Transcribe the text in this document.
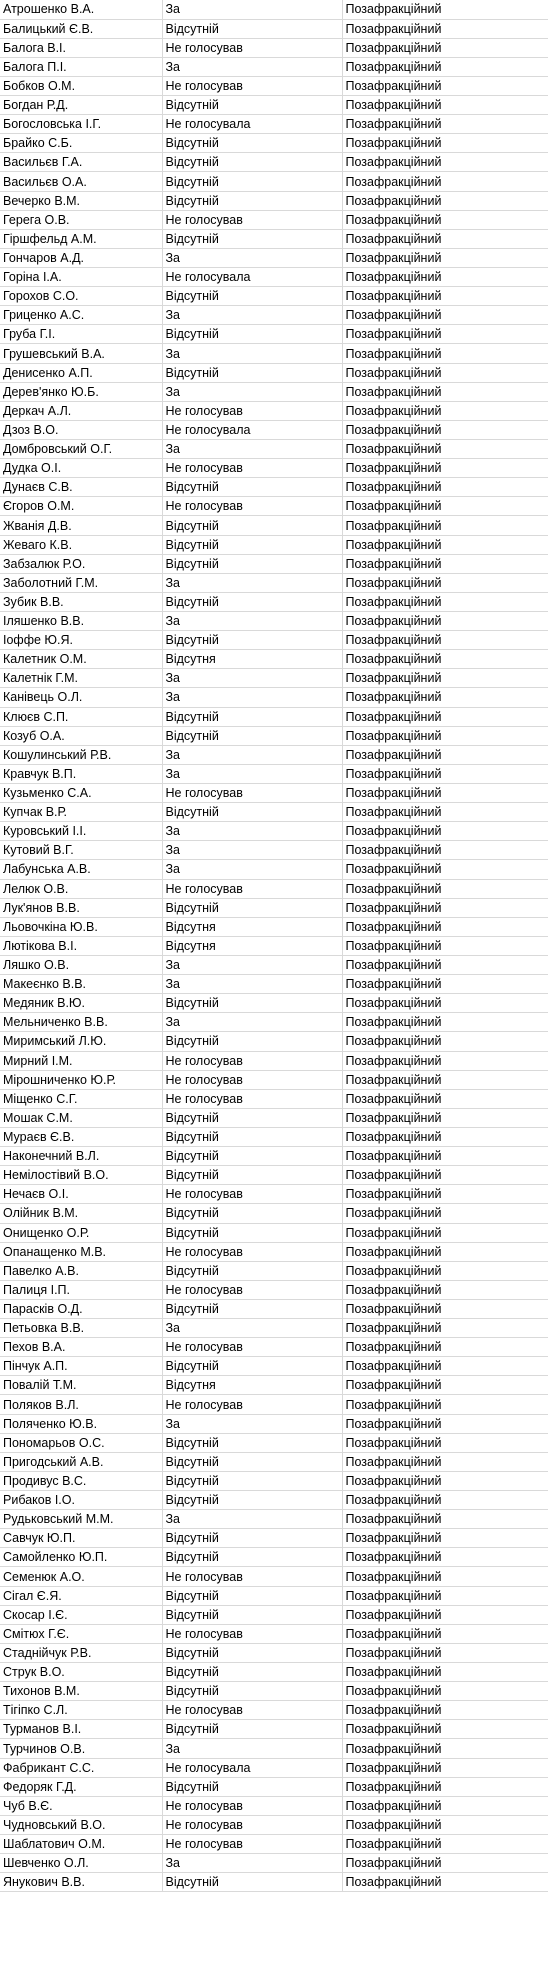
Атрошенко В.А.	За	Позафракційний
Балицький Є.В.	Відсутній	Позафракційний
Балога В.І.	Не голосував	Позафракційний
Балога П.І.	За	Позафракційний
Бобков О.М.	Не голосував	Позафракційний
Богдан Р.Д.	Відсутній	Позафракційний
Богословська І.Г.	Не голосувала	Позафракційний
Брайко С.Б.	Відсутній	Позафракційний
Васильєв Г.А.	Відсутній	Позафракційний
Васильєв О.А.	Відсутній	Позафракційний
Вечерко В.М.	Відсутній	Позафракційний
Герега О.В.	Не голосував	Позафракційний
Гіршфельд А.М.	Відсутній	Позафракційний
Гончаров А.Д.	За	Позафракційний
Горіна І.А.	Не голосувала	Позафракційний
Горохов С.О.	Відсутній	Позафракційний
Гриценко А.С.	За	Позафракційний
Груба Г.І.	Відсутній	Позафракційний
Грушевський В.А.	За	Позафракційний
Денисенко А.П.	Відсутній	Позафракційний
Дерев'янко Ю.Б.	За	Позафракційний
Деркач А.Л.	Не голосував	Позафракційний
Дзоз В.О.	Не голосувала	Позафракційний
Домбровський О.Г.	За	Позафракційний
Дудка О.І.	Не голосував	Позафракційний
Дунаєв С.В.	Відсутній	Позафракційний
Єгоров О.М.	Не голосував	Позафракційний
Жванія Д.В.	Відсутній	Позафракційний
Жеваго К.В.	Відсутній	Позафракційний
Забзалюк Р.О.	Відсутній	Позафракційний
Заболотний Г.М.	За	Позафракційний
Зубик В.В.	Відсутній	Позафракційний
Іляшенко В.В.	За	Позафракційний
Іоффе Ю.Я.	Відсутній	Позафракційний
Калетник О.М.	Відсутня	Позафракційний
Калетнік Г.М.	За	Позафракційний
Канівець О.Л.	За	Позафракційний
Клюєв С.П.	Відсутній	Позафракційний
Козуб О.А.	Відсутній	Позафракційний
Кошулинський Р.В.	За	Позафракційний
Кравчук В.П.	За	Позафракційний
Кузьменко С.А.	Не голосував	Позафракційний
Купчак В.Р.	Відсутній	Позафракційний
Куровський І.І.	За	Позафракційний
Кутовий В.Г.	За	Позафракційний
Лабунська А.В.	За	Позафракційний
Лелюк О.В.	Не голосував	Позафракційний
Лук'янов В.В.	Відсутній	Позафракційний
Льовочкіна Ю.В.	Відсутня	Позафракційний
Лютікова В.І.	Відсутня	Позафракційний
Ляшко О.В.	За	Позафракційний
Макеєнко В.В.	За	Позафракційний
Медяник В.Ю.	Відсутній	Позафракційний
Мельниченко В.В.	За	Позафракційний
Миримський Л.Ю.	Відсутній	Позафракційний
Мирний І.М.	Не голосував	Позафракційний
Мірошниченко Ю.Р.	Не голосував	Позафракційний
Міщенко С.Г.	Не голосував	Позафракційний
Мошак С.М.	Відсутній	Позафракційний
Мураєв Є.В.	Відсутній	Позафракційний
Наконечний В.Л.	Відсутній	Позафракційний
Немілостівий В.О.	Відсутній	Позафракційний
Нечаєв О.І.	Не голосував	Позафракційний
Олійник В.М.	Відсутній	Позафракційний
Онищенко О.Р.	Відсутній	Позафракційний
Опанащенко М.В.	Не голосував	Позафракційний
Павелко А.В.	Відсутній	Позафракційний
Палиця І.П.	Не голосував	Позафракційний
Парасків О.Д.	Відсутній	Позафракційний
Петьовка В.В.	За	Позафракційний
Пехов В.А.	Не голосував	Позафракційний
Пінчук А.П.	Відсутній	Позафракційний
Повалій Т.М.	Відсутня	Позафракційний
Поляков В.Л.	Не голосував	Позафракційний
Поляченко Ю.В.	За	Позафракційний
Пономарьов О.С.	Відсутній	Позафракційний
Пригодський А.В.	Відсутній	Позафракційний
Продивус В.С.	Відсутній	Позафракційний
Рибаков І.О.	Відсутній	Позафракційний
Рудьковський М.М.	За	Позафракційний
Савчук Ю.П.	Відсутній	Позафракційний
Самойленко Ю.П.	Відсутній	Позафракційний
Семенюк А.О.	Не голосував	Позафракційний
Сігал Є.Я.	Відсутній	Позафракційний
Скосар І.Є.	Відсутній	Позафракційний
Смітюх Г.Є.	Не голосував	Позафракційний
Стаднійчук Р.В.	Відсутній	Позафракційний
Струк В.О.	Відсутній	Позафракційний
Тихонов В.М.	Відсутній	Позафракційний
Тігіпко С.Л.	Не голосував	Позафракційний
Турманов В.І.	Відсутній	Позафракційний
Турчинов О.В.	За	Позафракційний
Фабрикант С.С.	Не голосувала	Позафракційний
Федоряк Г.Д.	Відсутній	Позафракційний
Чуб В.Є.	Не голосував	Позафракційний
Чудновський В.О.	Не голосував	Позафракційний
Шаблатович О.М.	Не голосував	Позафракційний
Шевченко О.Л.	За	Позафракційний
Янукович В.В.	Відсутній	Позафракційний
